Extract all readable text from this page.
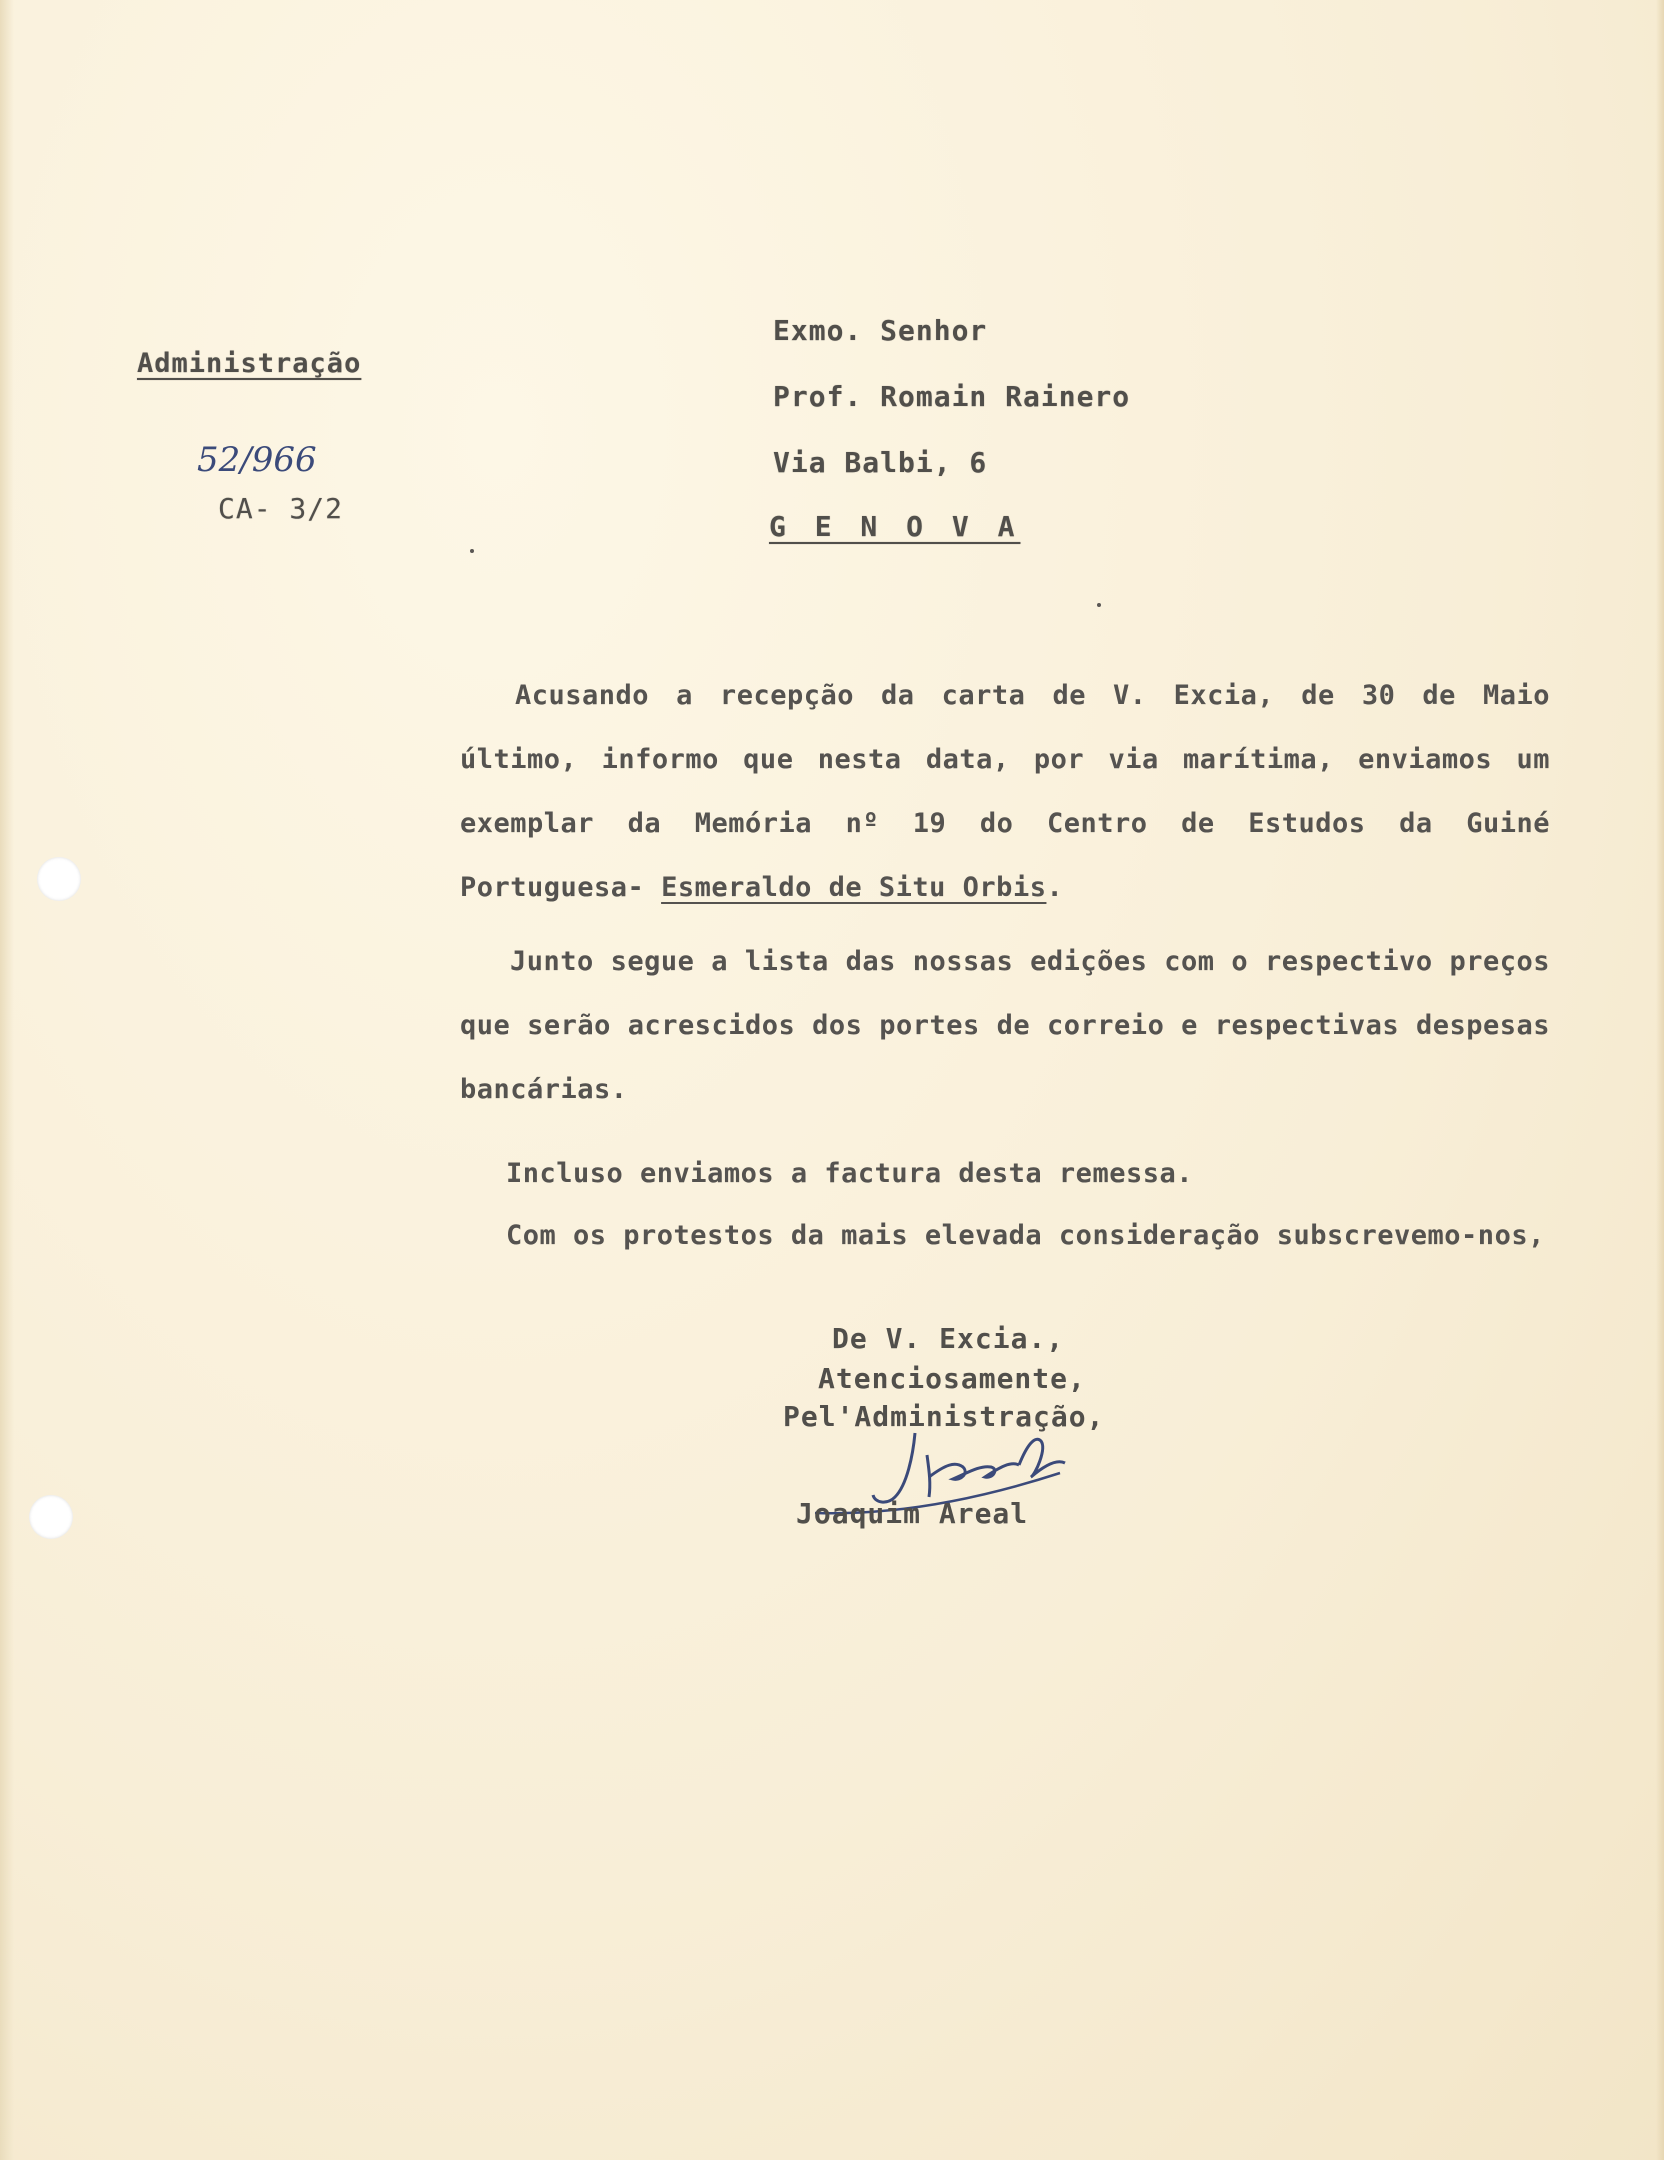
Administração
52/966
CA- 3/2
Exmo. Senhor
Prof. Romain Rainero
Via Balbi, 6
G E N O V A
Acusando a recepção da carta de V. Excia, de 30 de Maio último, informo que nesta data, por via marítima, enviamos um exemplar da Memória nº 19 do Centro de Estudos da Guiné Portuguesa- Esmeraldo de Situ Orbis.
Junto segue a lista das nossas edições com o respectivo preços que serão acrescidos dos portes de correio e respectivas despesas bancárias.
Incluso enviamos a factura desta remessa.
Com os protestos da mais elevada consideração subscrevemo-nos,
De V. Excia.,
Atenciosamente,
Pel'Administração,
Joaquim Areal
